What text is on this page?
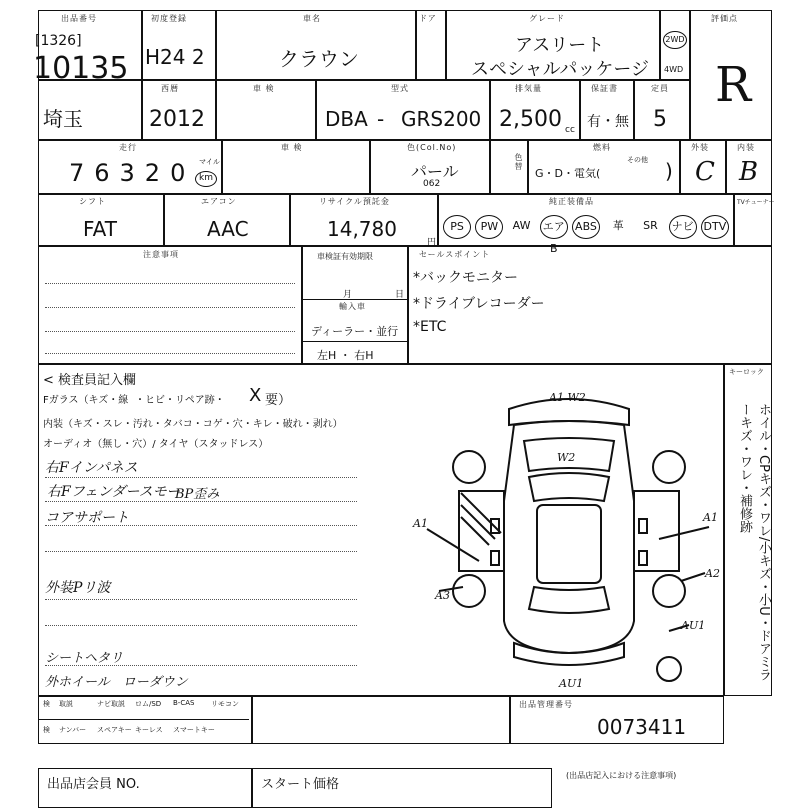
出品番号
[1326]
10135
初度登録
H24 2
車名
クラウン
ドア	グレード
アスリート
スペシャルパッケージ
2WD
4WD
評価点
R
埼玉
西暦
2012
車 検	型式
DBA - GRS200
排気量
2,500 cc
保証書
有・無
定員
5
走行
76320 マイル
km
車 検	色(Col.No)
パール
062
色替
燃料
G・D・電気(
その他 )
外装
C
内装
B
シフト
FAT
エアコン
AAC
リサイクル預託金
14,780
円
純正装備品
PS	PW	AW	エアB
ABS	革	SR	ナビ DTV
TVチューナー
注意事項	車検証有効期限
月	日
輸入車
ディーラー・並行
左H ・ 右H
セールスポイント
*バックモニター
*ドライブレコーダー
*ETC
< 検査員記入欄
Fガラス（キズ・線 ・ヒビ・リペア跡・ X 要）
内装（キズ・スレ・汚れ・タバコ・コゲ・穴・キレ・破れ・剥れ）
オーディオ（無し・穴）/ タイヤ（スタッドレス）
右Fインパネス
右Fフェンダースモー
BP歪み
コアサポート
外装Pリ波
シートヘタリ
外ホイール　ローダウン
A1 W2
W2
A1	A1
A2
A3
AU1
AU1
キーロック
ホイル・CPキズ・ワレ/小キズ・小U・ドアミラーキズ・ワレ・補修跡
検 取説	ナビ取説 ロム/SD B-CAS リモコン
検 ナンバー スペアキー キーレス スマートキー
出品管理番号
0073411
出品店会員 NO.	スタート価格
(出品店記入における注意事項)
